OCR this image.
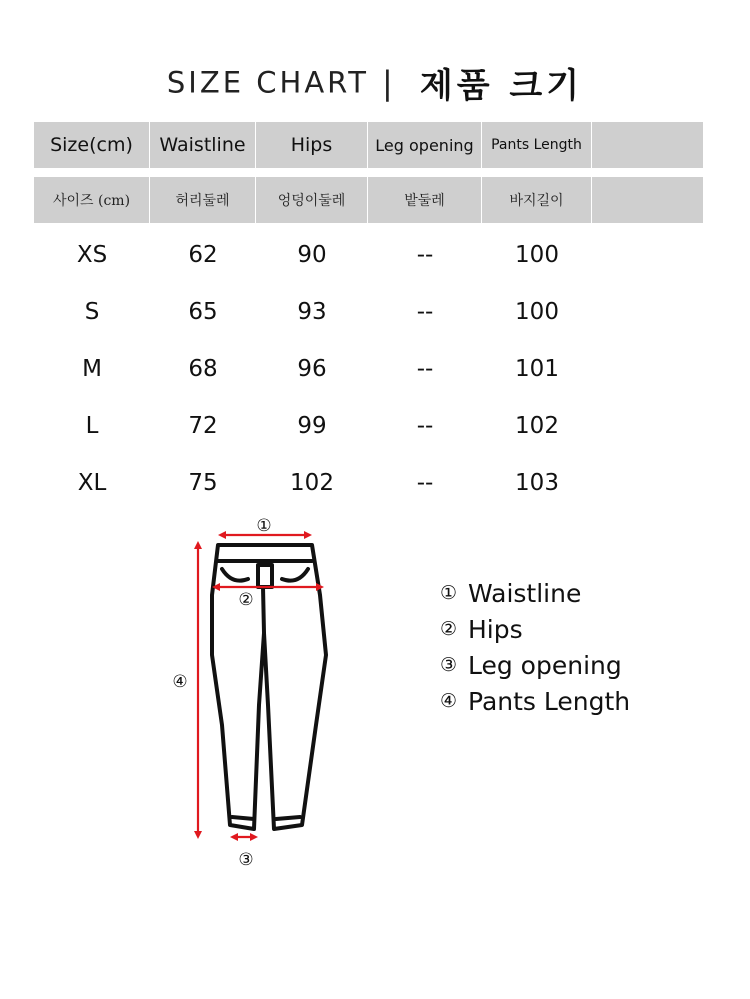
SIZE CHART | 제품 크기
Size(cm)	Waistline	Hips	Leg opening	Pants Length
사이즈 (cm)	허리둘레	엉덩이둘레	밭둘레	바지길이
XS	62	90	--	100
S	65	93	--	100
M	68	96	--	101
L	72	99	--	102
XL	75	102	--	103
①
②
③
④
① Waistline
② Hips
③ Leg opening
④ Pants Length
